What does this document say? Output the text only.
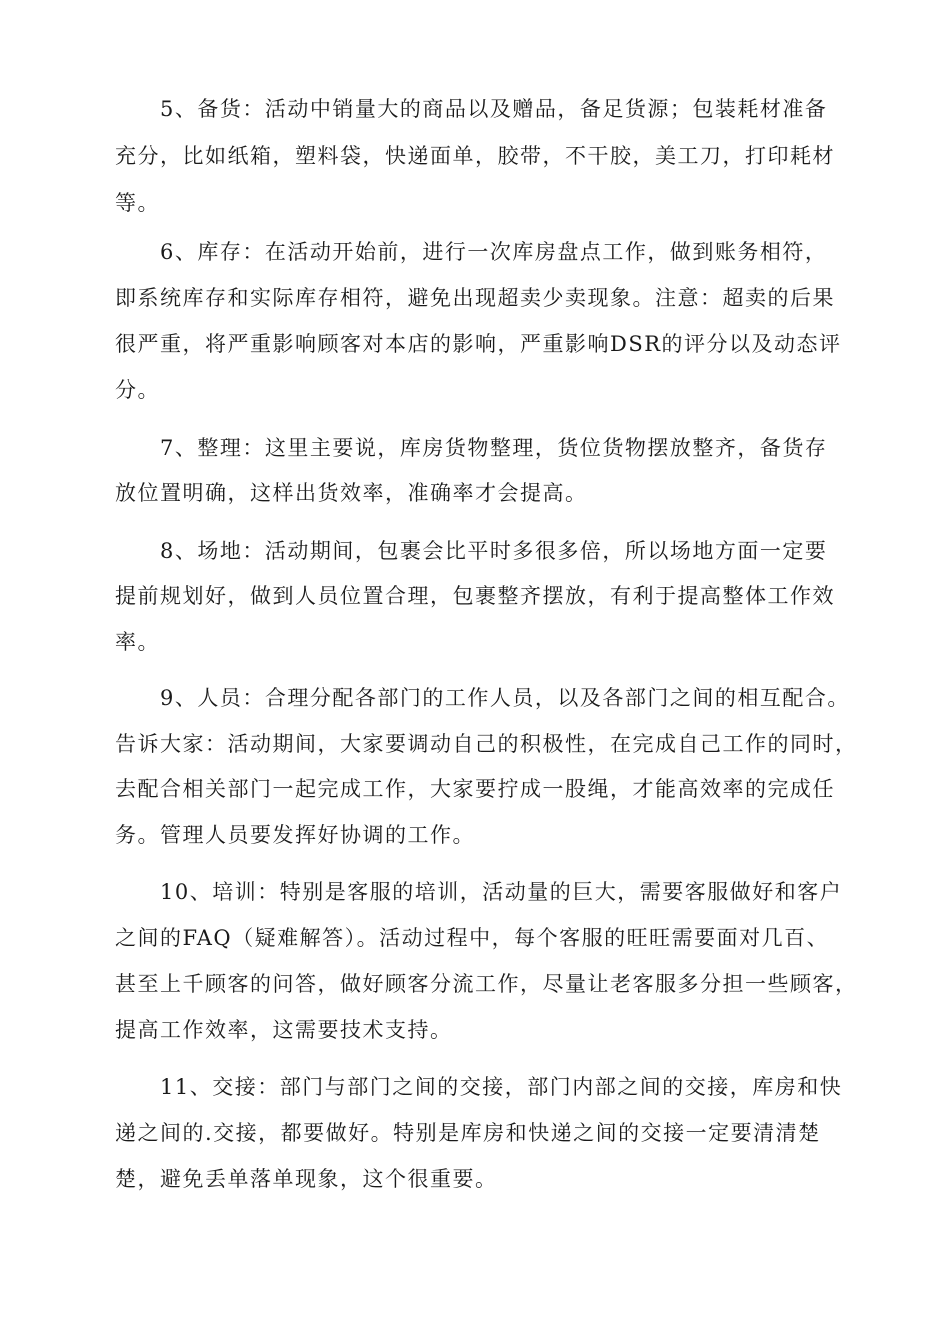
5、备货：活动中销量大的商品以及赠品，备足货源；包装耗材准备
充分，比如纸箱，塑料袋，快递面单，胶带，不干胶，美工刀，打印耗材
等。
6、库存：在活动开始前，进行一次库房盘点工作，做到账务相符，
即系统库存和实际库存相符，避免出现超卖少卖现象。注意：超卖的后果
很严重，将严重影响顾客对本店的影响，严重影响DSR的评分以及动态评
分。
7、整理：这里主要说，库房货物整理，货位货物摆放整齐，备货存
放位置明确，这样出货效率，准确率才会提高。
8、场地：活动期间，包裹会比平时多很多倍，所以场地方面一定要
提前规划好，做到人员位置合理，包裹整齐摆放，有利于提高整体工作效
率。
9、人员：合理分配各部门的工作人员，以及各部门之间的相互配合。
告诉大家：活动期间，大家要调动自己的积极性，在完成自己工作的同时，
去配合相关部门一起完成工作，大家要拧成一股绳，才能高效率的完成任
务。管理人员要发挥好协调的工作。
10、培训：特别是客服的培训，活动量的巨大，需要客服做好和客户
之间的FAQ（疑难解答）。活动过程中，每个客服的旺旺需要面对几百、
甚至上千顾客的问答，做好顾客分流工作，尽量让老客服多分担一些顾客，
提高工作效率，这需要技术支持。
11、交接：部门与部门之间的交接，部门内部之间的交接，库房和快
递之间的.交接，都要做好。特别是库房和快递之间的交接一定要清清楚
楚，避免丢单落单现象，这个很重要。
